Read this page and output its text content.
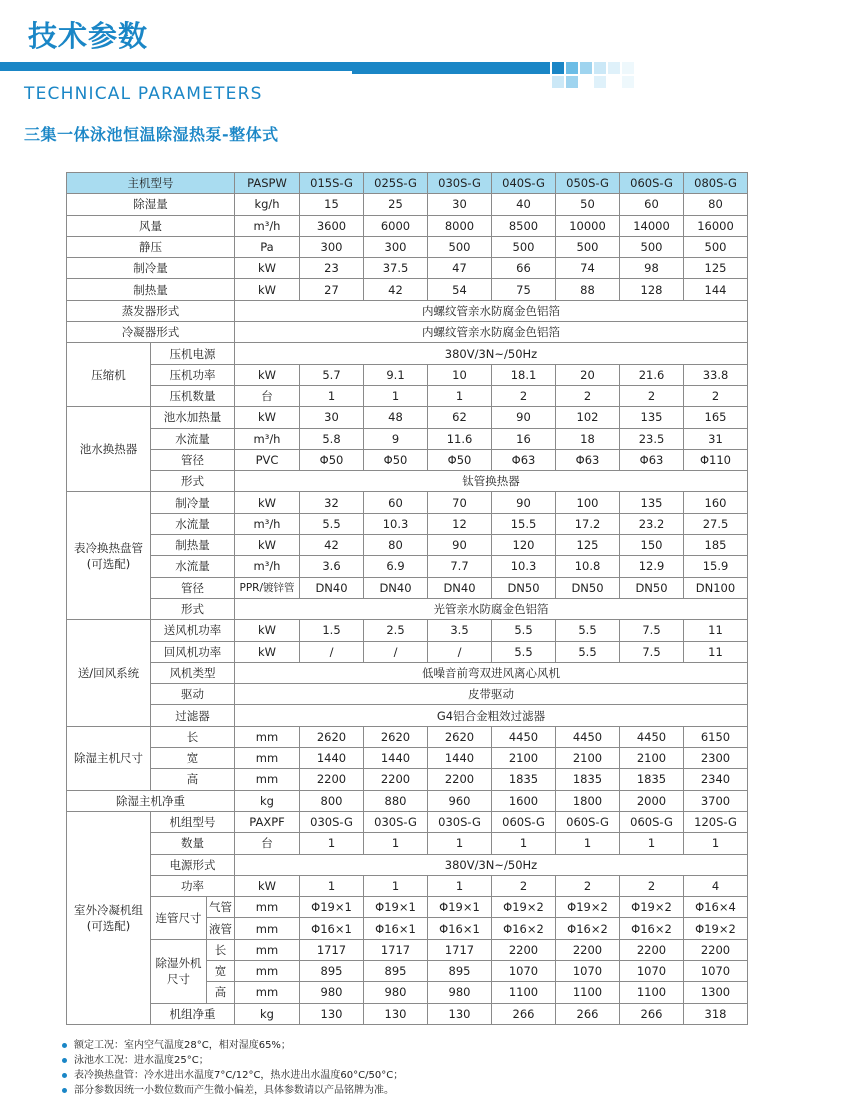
技术参数
TECHNICAL PARAMETERS
三集一体泳池恒温除湿热泵-整体式
主机型号			PASPW	015S-G	025S-G	030S-G	040S-G	050S-G	060S-G	080S-G
除湿量			kg/h	15	25	30	40	50	60	80
风量			m³/h	3600	6000	8000	8500	10000	14000	16000
静压			Pa	300	300	500	500	500	500	500
制冷量			kW	23	37.5	47	66	74	98	125
制热量			kW	27	42	54	75	88	128	144
蒸发器形式			内螺纹管亲水防腐金色铝箔							
冷凝器形式			内螺纹管亲水防腐金色铝箔							
压缩机	压机电源		380V/3N~/50Hz							
	压机功率		kW	5.7	9.1	10	18.1	20	21.6	33.8
	压机数量		台	1	1	1	2	2	2	2
池水换热器	池水加热量		kW	30	48	62	90	102	135	165
	水流量		m³/h	5.8	9	11.6	16	18	23.5	31
	管径		PVC	Φ50	Φ50	Φ50	Φ63	Φ63	Φ63	Φ110
	形式		钛管换热器							

表冷换热盘管
(可选配)	制冷量		kW	32	60	70	90	100	135	160
	水流量		m³/h	5.5	10.3	12	15.5	17.2	23.2	27.5
	制热量		kW	42	80	90	120	125	150	185
	水流量		m³/h	3.6	6.9	7.7	10.3	10.8	12.9	15.9
	管径		PPR/镀锌管	DN40	DN40	DN40	DN50	DN50	DN50	DN100
	形式		光管亲水防腐金色铝箔							
送/回风系统	送风机功率		kW	1.5	2.5	3.5	5.5	5.5	7.5	11
	回风机功率		kW	/	/	/	5.5	5.5	7.5	11
	风机类型		低噪音前弯双进风离心风机							
	驱动		皮带驱动							
	过滤器		G4铝合金粗效过滤器							
除湿主机尺寸	长		mm	2620	2620	2620	4450	4450	4450	6150
	宽		mm	1440	1440	1440	2100	2100	2100	2300
	高		mm	2200	2200	2200	1835	1835	1835	2340
除湿主机净重			kg	800	880	960	1600	1800	2000	3700

室外冷凝机组
(可选配)	机组型号		PAXPF	030S-G	030S-G	030S-G	060S-G	060S-G	060S-G	120S-G
	数量		台	1	1	1	1	1	1	1
	电源形式		380V/3N~/50Hz							
	功率		kW	1	1	1	2	2	2	4
	连管尺寸	气管	mm	Φ19×1	Φ19×1	Φ19×1	Φ19×2	Φ19×2	Φ19×2	Φ16×4
		液管	mm	Φ16×1	Φ16×1	Φ16×1	Φ16×2	Φ16×2	Φ16×2	Φ19×2

	除湿外机
尺寸	长	mm	1717	1717	1717	2200	2200	2200	2200
		宽	mm	895	895	895	1070	1070	1070	1070
		高	mm	980	980	980	1100	1100	1100	1300
	机组净重		kg	130	130	130	266	266	266	318
额定工况：室内空气温度28°C，相对湿度65%；
泳池水工况：进水温度25°C；
表冷换热盘管：冷水进出水温度7°C/12°C，热水进出水温度60°C/50°C；
部分参数因统一小数位数而产生微小偏差，具体参数请以产品铭牌为准。
